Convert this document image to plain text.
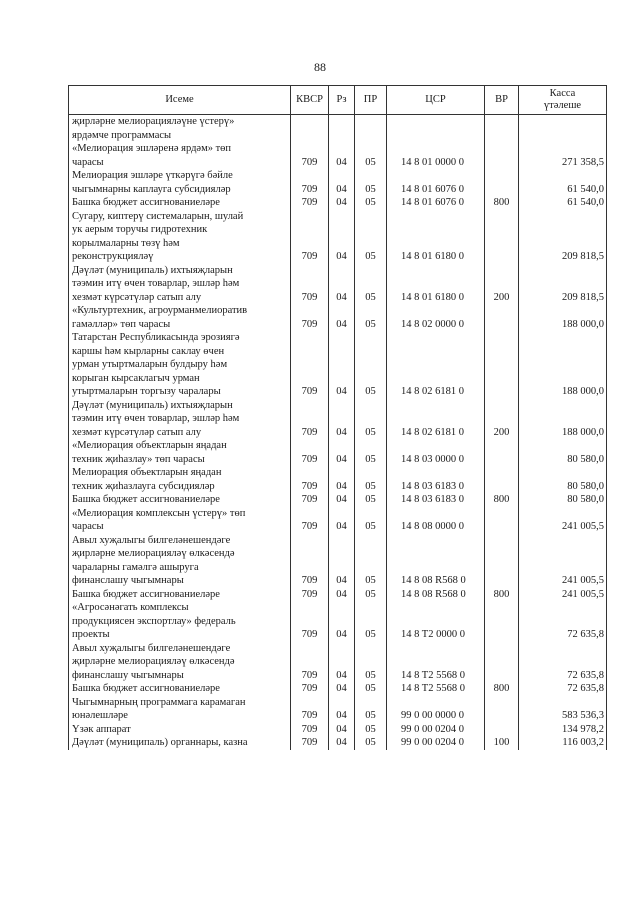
88
Исеме	КВСР	Рз	ПР	ЦСР	ВР	Касса
үтәлеше
җирләрне мелиорацияләүне үстерү»
ярдәмче программасы						
«Мелиорация эшләренә ярдәм» төп
чарасы	709	04	05	14 8 01 0000 0		271 358,5
Мелиорация эшләре үткәрүгә бәйле
чыгымнарны каплауга субсидияләр	709	04	05	14 8 01 6076 0		61 540,0
Башка бюджет ассигнованиеләре	709	04	05	14 8 01 6076 0	800	61 540,0
Сугару, киптерү системаларын, шулай
ук аерым торучы гидротехник
корылмаларны төзү һәм
реконструкцияләү	709	04	05	14 8 01 6180 0		209 818,5
Дәүләт (муниципаль) ихтыяҗларын
тәэмин итү өчен товарлар, эшләр һәм
хезмәт күрсәтүләр сатып алу	709	04	05	14 8 01 6180 0	200	209 818,5
«Культуртехник, агроурманмелиоратив
гамәлләр» төп чарасы	709	04	05	14 8 02 0000 0		188 000,0
Татарстан Республикасында эрозиягә
каршы һәм кырларны саклау өчен
урман утыртмаларын булдыру һәм
корыган кырсаклагыч урман
утыртмаларын торгызу чаралары	709	04	05	14 8 02 6181 0		188 000,0
Дәүләт (муниципаль) ихтыяҗларын
тәэмин итү өчен товарлар, эшләр һәм
хезмәт күрсәтүләр сатып алу	709	04	05	14 8 02 6181 0	200	188 000,0
«Мелиорация объектларын яңадан
техник җиһазлау» төп чарасы	709	04	05	14 8 03 0000 0		80 580,0
Мелиорация объектларын яңадан
техник җиһазлауга субсидияләр	709	04	05	14 8 03 6183 0		80 580,0
Башка бюджет ассигнованиеләре	709	04	05	14 8 03 6183 0	800	80 580,0
«Мелиорация комплексын үстерү» төп
чарасы	709	04	05	14 8 08 0000 0		241 005,5
Авыл хуҗалыгы билгеләнешендәге
җирләрне мелиорацияләү өлкәсендә
чараларны гамәлгә ашыруга
финанслашу чыгымнары	709	04	05	14 8 08 R568 0		241 005,5
Башка бюджет ассигнованиеләре	709	04	05	14 8 08 R568 0	800	241 005,5
«Агросәнәгать комплексы
продукциясен экспортлау» федераль
проекты	709	04	05	14 8 T2 0000 0		72 635,8
Авыл хуҗалыгы билгеләнешендәге
җирләрне мелиорацияләү өлкәсендә
финанслашу чыгымнары	709	04	05	14 8 T2 5568 0		72 635,8
Башка бюджет ассигнованиеләре	709	04	05	14 8 T2 5568 0	800	72 635,8
Чыгымнарның программага карамаган
юнәлешләре	709	04	05	99 0 00 0000 0		583 536,3
Үзәк аппарат	709	04	05	99 0 00 0204 0		134 978,2
Дәүләт (муниципаль) органнары, казна	709	04	05	99 0 00 0204 0	100	116 003,2
